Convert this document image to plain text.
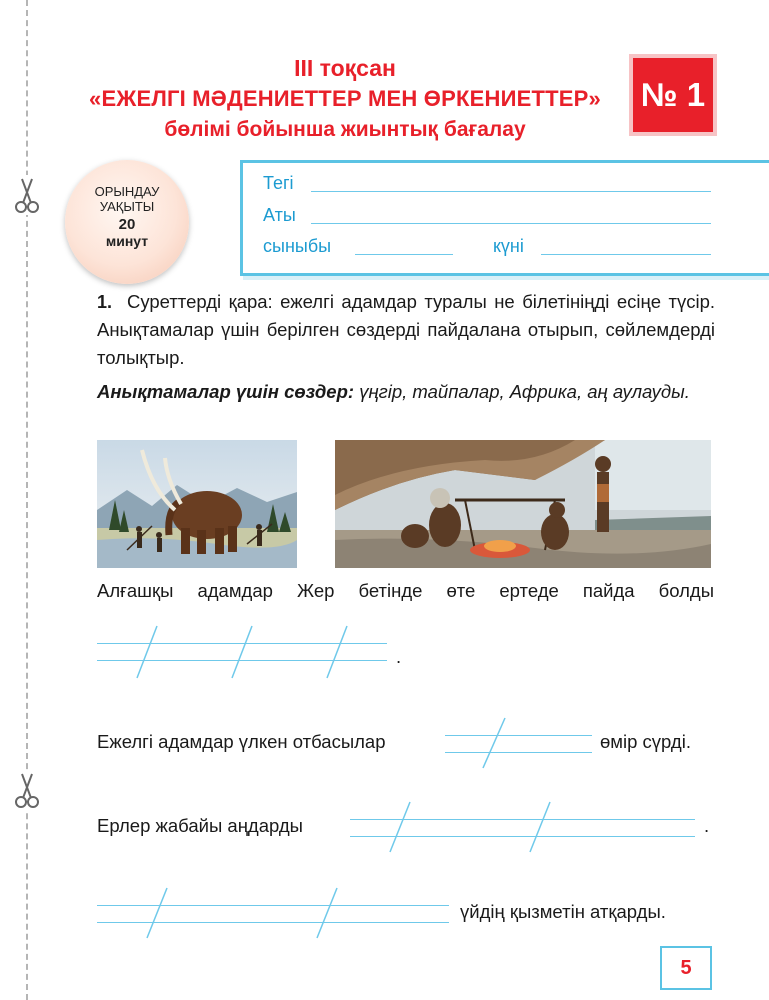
III тоқсан
«ЕЖЕЛГІ МӘДЕНИЕТТЕР МЕН ӨРКЕНИЕТТЕР»
бөлімі бойынша жиынтық бағалау
№ 1
ОРЫНДАУ
УАҚЫТЫ
20
минут
Тегі
Аты
сыныбы	күні
1. Суреттерді қара: ежелгі адамдар туралы не білетініңді есіңе түсір. Анықтамалар үшін берілген сөздерді пайдалана отырып, сөйлемдерді толықтыр.
Анықтамалар үшін сөздер: үңгір, тайпалар, Африка, аң аулауды.
Алғашқы адамдар Жер бетінде өте ертеде пайда болды
.
Ежелгі адамдар үлкен отбасылар	өмір сүрді.
Ерлер жабайы аңдарды	.
үйдің қызметін атқарды.
5
